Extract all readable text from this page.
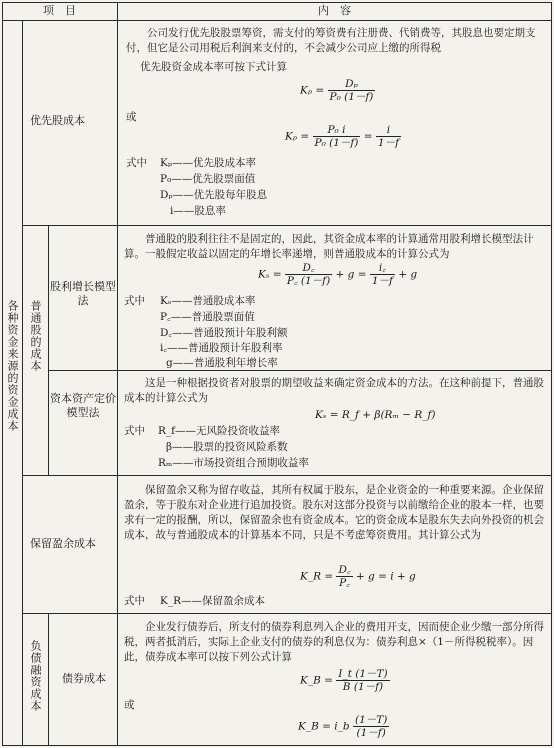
项　目	内　容
各种资金来源的资金成本
优先股成本
公司发行优先股股票筹资，需支付的筹资费有注册费、代销费等，其股息也要定期支付，但它是公司用税后利润来支付的，不会减少公司应上缴的所得税
优先股资金成本率可按下式计算
$K_p = \frac{\text{Dₚ}}{\text{P₀ (1－f)}}$
或
$K_p = \frac{\text{P₀ i}}{\text{P₀ (1－f)}} = \frac{i}{1-f}$
式中 Kₚ——优先股成本率
P₀——优先股票面值
Dₚ——优先股每年股息
i——股息率
普通股的成本
股利增长模型法
普通股的股利往往不是固定的，因此，其资金成本率的计算通常用股利增长模型法计算。一般假定收益以固定的年增长率递增，则普通股成本的计算公式为
$K_s = \frac{D꜀}{P꜀ (1-f)} + g = \frac{i꜀}{1-f} + g$
式中 Kₛ——普通股成本率
P꜀——普通股票面值
D꜀——普通股预计年股利额
i꜀——普通股预计年股利率
g——普通股利年增长率
资本资产定价模型法
这是一种根据投资者对股票的期望收益来确定资金成本的方法。在这种前提下，普通股成本的计算公式为
Kₛ = R_f + β(Rₘ − R_f)
式中 R_f——无风险投资收益率
β——股票的投资风险系数
Rₘ——市场投资组合预期收益率
保留盈余成本
保留盈余又称为留存收益，其所有权属于股东，是企业资金的一种重要来源。企业保留盈余，等于股东对企业进行追加投资。股东对这部分投资与以前缴给企业的股本一样，也要求有一定的报酬，所以，保留盈余也有资金成本。它的资金成本是股东失去向外投资的机会成本，故与普通股成本的计算基本不同，只是不考虑筹资费用。其计算公式为
K_R = $\frac{D꜀}{P꜀} + g = i + g$
式中 K_R——保留盈余成本
负债融资成本 债券成本
企业发行债券后，所支付的债券利息列入企业的费用开支，因而使企业少缴一部分所得税，两者抵消后，实际上企业支付的债券的利息仅为：债券利息×（1－所得税税率）。因此，债券成本率可以按下列公式计算
K_B = $\frac{I\_t (1-T)}{B (1-f)}$
或
K_B = i_b $\frac{(1-T)}{(1-f)}$
